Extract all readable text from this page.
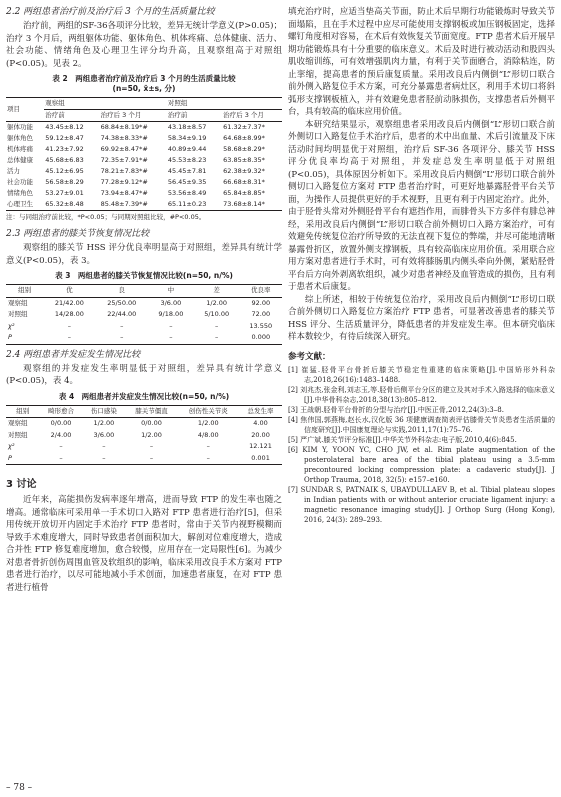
2.2 两组患者治疗前及治疗后 3 个月的生活质量比较

治疗前，两组的SF-36各项评分比较，差异无统计学意义(P>0.05)；治疗 3 个月后，两组躯体功能、躯体角色、机体疼痛、总体健康、活力、社会功能、情绪角色及心理卫生评分均升高，且观察组高于对照组(P<0.05)。见表 2。

表 2　两组患者治疗前及治疗后 3 个月的生活质量比较
(n=50, x̄±s, 分)
项目	观察组		对照组	
	治疗前	治疗后 3 个月	治疗前	治疗后 3 个月
躯体功能	43.45±8.12	68.84±8.19*#	43.18±8.57	61.32±7.37*
躯体角色	59.12±8.47	74.38±8.33*#	58.34±9.19	64.68±8.99*
机体疼痛	41.23±7.92	69.92±8.47*#	40.89±9.44	58.68±8.29*
总体健康	45.68±6.83	72.35±7.91*#	45.53±8.23	63.85±8.35*
活力	45.12±6.95	78.21±7.83*#	45.45±7.81	62.38±9.32*
社会功能	56.58±8.29	77.28±9.12*#	56.45±9.35	66.68±8.31*
情绪角色	53.27±9.01	73.94±8.47*#	53.56±8.49	65.84±8.85*
心理卫生	65.32±8.48	85.48±7.39*#	65.11±0.23	73.68±8.14*

注：与同组治疗前比较，*P<0.05；与同期对照组比较，#P<0.05。

2.3 两组患者的膝关节恢复情况比较

观察组的膝关节 HSS 评分优良率明显高于对照组，差异具有统计学意义(P<0.05)，表 3。

表 3　两组患者的膝关节恢复情况比较(n=50, n/%)
组别	优	良	中	差	优良率
观察组	21/42.00	25/50.00	3/6.00	1/2.00	92.00
对照组	14/28.00	22/44.00	9/18.00	5/10.00	72.00
χ²	–	–	–	–	13.550
P	–	–	–	–	0.000

2.4 两组患者并发症发生情况比较

观察组的并发症发生率明显低于对照组，差异具有统计学意义(P<0.05)，表 4。

表 4　两组患者并发症发生情况比较(n=50, n/%)
组别	畸形愈合	伤口感染	膝关节僵直	创伤性关节炎	总发生率
观察组	0/0.00	1/2.00	0/0.00	1/2.00	4.00
对照组	2/4.00	3/6.00	1/2.00	4/8.00	20.00
χ²	–	–	–	–	12.121
P	–	–	–	–	0.001
3 讨论

近年来，高能损伤发病率逐年增高，进而导致 FTP 的发生率也随之增高。通常临床可采用单一手术切口入路对 FTP 患者进行治疗[5]，但采用传统开放切开内固定手术治疗 FTP 患者时，常由于关节内视野模糊而导致手术难度增大，同时导致患者创面积加大，解剖对位难度增大，造成合并性 FTP 修复难度增加，愈合较慢，应用存在一定局限性[6]。为减少对患者骨折创伤周围血管及软组织的影响，临床采用改良手术方案对 FTP 患者进行治疗，以尽可能地减小手术创面，加速患者康复，在对 FTP 患者进行植骨

填充治疗时，应适当垫高关节面，防止术后早期行功能锻炼时导致关节面塌陷，且在手术过程中应尽可能使用支撑钢板或加压钢板固定，选择螺钉角度相对容易，在术后有效恢复关节面宽度。FTP 患者术后开展早期功能锻炼具有十分重要的临床意义。术后及时进行被动活动和股四头肌收缩训练，可有效增强肌肉力量，有利于关节面磨合，消除粘连，防止挛缩，提高患者的预后康复质量。采用改良后内侧倒“L”形切口联合前外侧入路复位手术方案，可充分暴露患者病灶区，利用手术切口将斜弧形支撑钢板植入，并有效避免患者胫前动脉损伤，支撑患者后外侧平台，具有较高的临床应用价值。

本研究结果显示，观察组患者采用改良后内侧倒“L”形切口联合前外侧切口入路复位手术治疗后，患者的术中出血量、术后引流量及下床活动时间均明显优于对照组，治疗后 SF-36 各项评分、膝关节 HSS 评分优良率均高于对照组，并发症总发生率明显低于对照组(P<0.05)，具体原因分析如下。采用改良后内侧倒“L”形切口联合前外侧切口入路复位方案对 FTP 患者治疗时，可更好地暴露胫骨平台关节面，为操作人员提供更好的手术视野，且更有利于内固定治疗。此外，由于胫骨头常对外侧胫骨平台有遮挡作用，而腓骨头下方多伴有腓总神经，采用改良后内侧倒“L”形切口联合前外侧切口入路方案治疗，可有效避免传统复位治疗所导致的无法直视下复位的弊端，并尽可能地清晰暴露骨折区，放置外侧支撑钢板，具有较高临床应用价值。采用联合应用方案对患者进行手术时，可有效将膝肠肌内侧头牵向外侧，紧贴胫骨平台后方向外剥离软组织，减少对患者神经及血管造成的损伤，且有利于患者术后康复。

综上所述，相较于传统复位治疗，采用改良后内侧倒“L”形切口联合前外侧切口入路复位方案治疗 FTP 患者，可显著改善患者的膝关节 HSS 评分、生活质量评分，降低患者的并发症发生率。但本研究临床样本数较少，有待后续深入研究。

参考文献：

[1] 崔猛.胫骨平台骨折后膝关节稳定性重建的临床策略[J].中国矫形外科杂志,2018,26(16):1483–1488.

[2] 刘兆杰,张金利,刘志玉,等.胫骨后侧平台分区的建立及其对手术入路选择的临床意义[J].中华骨科杂志,2018,38(13):805–812.

[3] 王战朝.胫骨平台骨折的分型与治疗[J].中医正骨,2012,24(3):3–8.

[4] 焦伟国,郭燕梅,赵长水,汉化版 36 项健康调查简表评估膝骨关节炎患者生活质量的信度研究[J].中国康复理论与实践,2011,17(1):75–76.

[5] 严广斌.膝关节评分标准[J].中华关节外科杂志:电子版,2010,4(6):845.

[6] KIM Y, YOON YC, CHO JW, et al. Rim plate augmentation of the posterolateral bare area of the tibial plateau using a 3.5-mm precontoured locking compression plate: a cadaveric study[J]. J Orthop Trauma, 2018, 32(5): e157–e160.

[7] SUNDAR S, PATNAIK S, UBAYDULLAEV B, et al. Tibial plateau slopes in Indian patients with or without anterior cruciate ligament injury: a magnetic resonance imaging study[J]. J Orthop Surg (Hong Kong), 2016, 24(3): 289–293.

– 78 –
